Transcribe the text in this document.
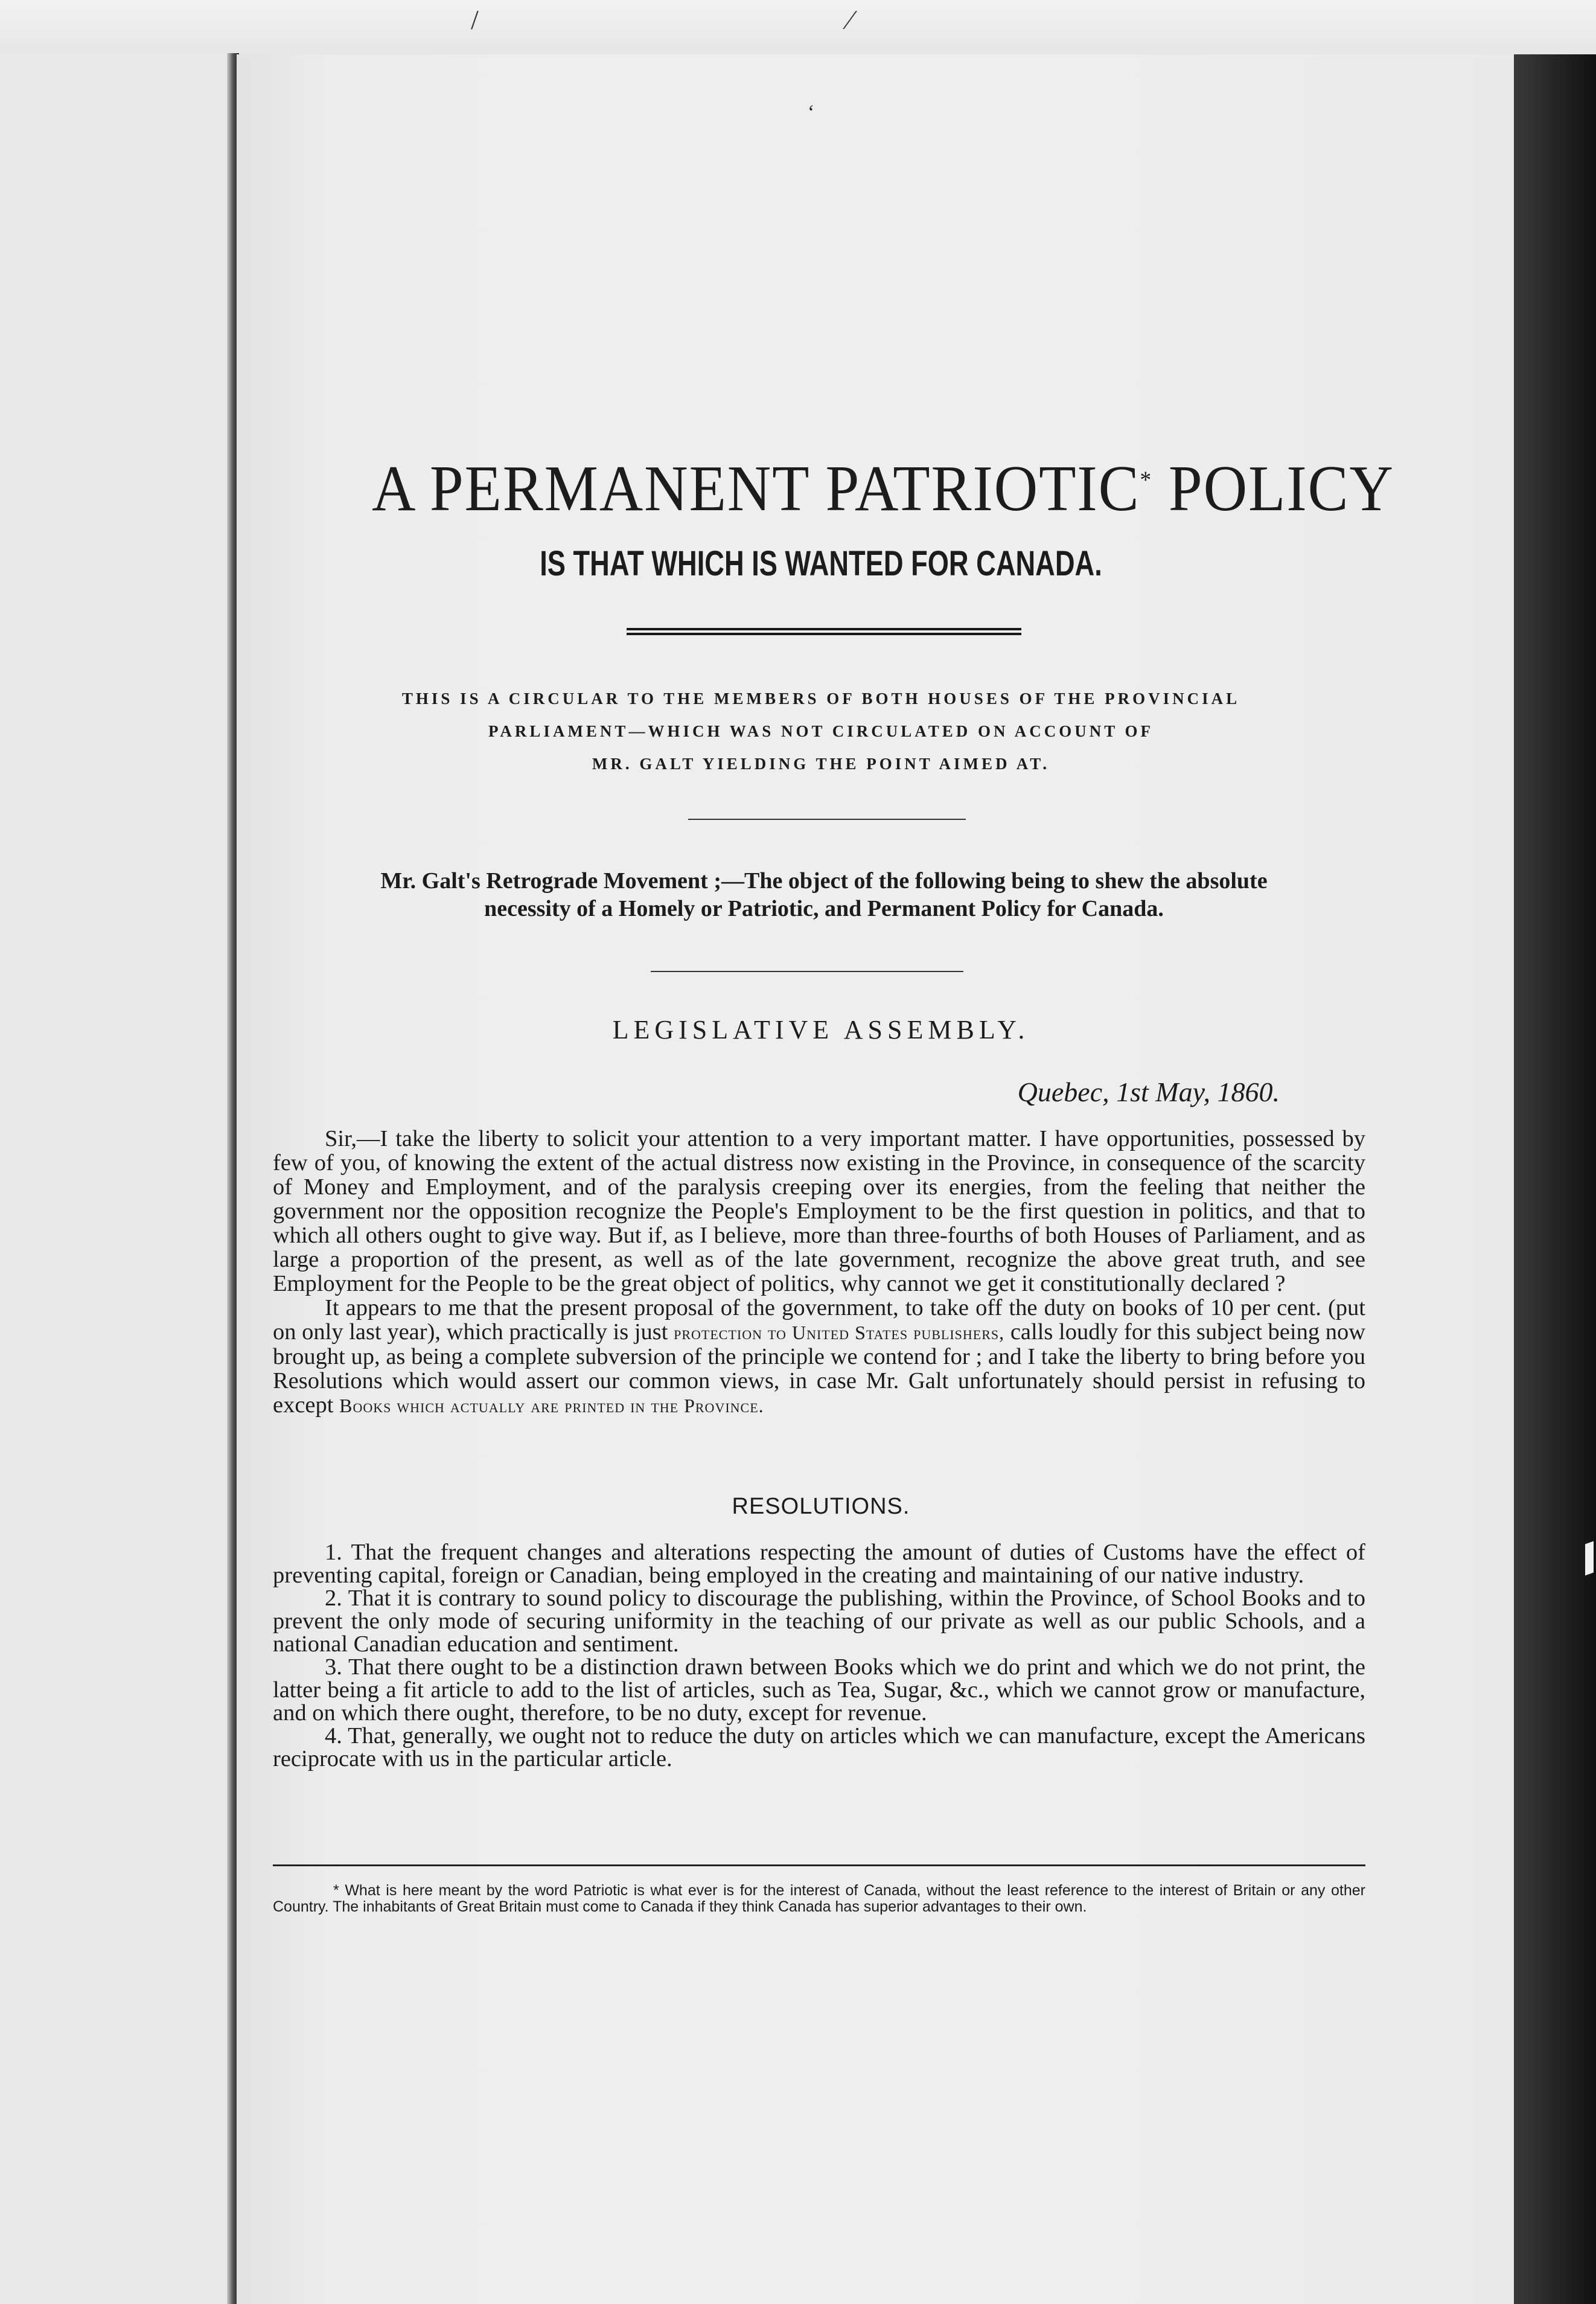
/ ⁄
‘
A PERMANENT PATRIOTIC* POLICY
IS THAT WHICH IS WANTED FOR CANADA.
THIS IS A CIRCULAR TO THE MEMBERS OF BOTH HOUSES OF THE PROVINCIAL
PARLIAMENT—WHICH WAS NOT CIRCULATED ON ACCOUNT OF
MR. GALT YIELDING THE POINT AIMED AT.
Mr. Galt's Retrograde Movement ;—The object of the following being to shew the absolute
necessity of a Homely or Patriotic, and Permanent Policy for Canada.
LEGISLATIVE ASSEMBLY.
Quebec, 1st May, 1860.

Sir,—I take the liberty to solicit your attention to a very important matter. I have opportunities, possessed by few of you, of knowing the extent of the actual distress now existing in the Province, in consequence of the scarcity of Money and Employment, and of the paralysis creeping over its energies, from the feeling that neither the government nor the opposition recognize the People's Employment to be the first question in politics, and that to which all others ought to give way. But if, as I believe, more than three-fourths of both Houses of Parliament, and as large a proportion of the present, as well as of the late government, recognize the above great truth, and see Employment for the People to be the great object of politics, why cannot we get it constitutionally declared ?

It appears to me that the present proposal of the government, to take off the duty on books of 10 per cent. (put on only last year), which practically is just protection to United States publishers, calls loudly for this subject being now brought up, as being a complete subversion of the principle we contend for ; and I take the liberty to bring before you Resolutions which would assert our common views, in case Mr. Galt unfortunately should persist in refusing to except Books which actually are printed in the Province.

RESOLUTIONS.

1. That the frequent changes and alterations respecting the amount of duties of Customs have the effect of preventing capital, foreign or Canadian, being employed in the creating and maintaining of our native industry.

2. That it is contrary to sound policy to discourage the publishing, within the Province, of School Books and to prevent the only mode of securing uniformity in the teaching of our private as well as our public Schools, and a national Canadian education and sentiment.

3. That there ought to be a distinction drawn between Books which we do print and which we do not print, the latter being a fit article to add to the list of articles, such as Tea, Sugar, &c., which we cannot grow or manufacture, and on which there ought, therefore, to be no duty, except for revenue.

4. That, generally, we ought not to reduce the duty on articles which we can manufacture, except the Americans reciprocate with us in the particular article.

* What is here meant by the word Patriotic is what ever is for the interest of Canada, without the least reference to the interest of Britain or any other Country. The inhabitants of Great Britain must come to Canada if they think Canada has superior advantages to their own.
